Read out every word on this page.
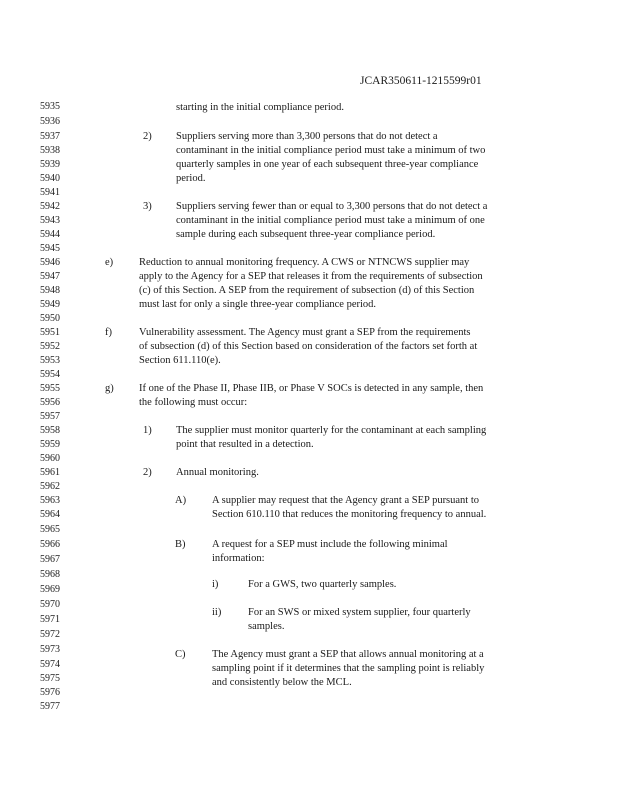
JCAR350611-1215599r01
5935
5936
5937
5938
5939
5940
5941
5942
5943
5944
5945
5946
5947
5948
5949
5950
5951
5952
5953
5954
5955
5956
5957
5958
5959
5960
5961
5962
5963
5964
5965
5966
5967
5968
5969
5970
5971
5972
5973
5974
5975
5976
5977
starting in the initial compliance period.
2) Suppliers serving more than 3,300 persons that do not detect a
contaminant in the initial compliance period must take a minimum of two
quarterly samples in one year of each subsequent three-year compliance
period.
3) Suppliers serving fewer than or equal to 3,300 persons that do not detect a
contaminant in the initial compliance period must take a minimum of one
sample during each subsequent three-year compliance period.
e) Reduction to annual monitoring frequency. A CWS or NTNCWS supplier may
apply to the Agency for a SEP that releases it from the requirements of subsection
(c) of this Section. A SEP from the requirement of subsection (d) of this Section
must last for only a single three-year compliance period.
f)	Vulnerability assessment. The Agency must grant a SEP from the requirements
of subsection (d) of this Section based on consideration of the factors set forth at
Section 611.110(e).
g) If one of the Phase II, Phase IIB, or Phase V SOCs is detected in any sample, then
the following must occur:
1) The supplier must monitor quarterly for the contaminant at each sampling
point that resulted in a detection.
2) Annual monitoring.
A) A supplier may request that the Agency grant a SEP pursuant to
Section 610.110 that reduces the monitoring frequency to annual.
B)	A request for a SEP must include the following minimal
information:
i)	For a GWS, two quarterly samples.
ii)	For an SWS or mixed system supplier, four quarterly
samples.
C)	The Agency must grant a SEP that allows annual monitoring at a
sampling point if it determines that the sampling point is reliably
and consistently below the MCL.
